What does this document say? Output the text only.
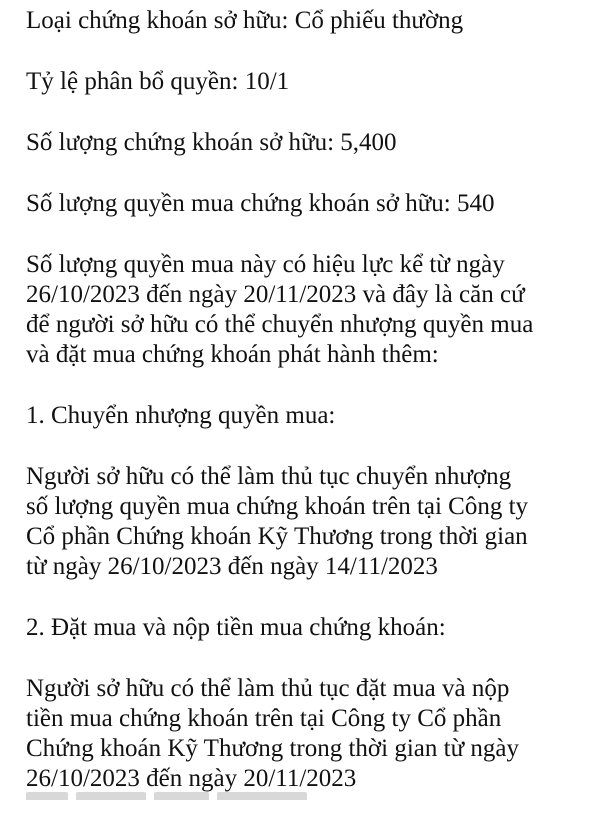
Loại chứng khoán sở hữu: Cổ phiếu thường

Tỷ lệ phân bổ quyền: 10/1

Số lượng chứng khoán sở hữu: 5,400

Số lượng quyền mua chứng khoán sở hữu: 540

Số lượng quyền mua này có hiệu lực kể từ ngày
26/10/2023 đến ngày 20/11/2023 và đây là căn cứ
để người sở hữu có thể chuyển nhượng quyền mua
và đặt mua chứng khoán phát hành thêm:

1. Chuyển nhượng quyền mua:

Người sở hữu có thể làm thủ tục chuyển nhượng
số lượng quyền mua chứng khoán trên tại Công ty
Cổ phần Chứng khoán Kỹ Thương trong thời gian
từ ngày 26/10/2023 đến ngày 14/11/2023

2. Đặt mua và nộp tiền mua chứng khoán:

Người sở hữu có thể làm thủ tục đặt mua và nộp
tiền mua chứng khoán trên tại Công ty Cổ phần
Chứng khoán Kỹ Thương trong thời gian từ ngày
26/10/2023 đến ngày 20/11/2023
